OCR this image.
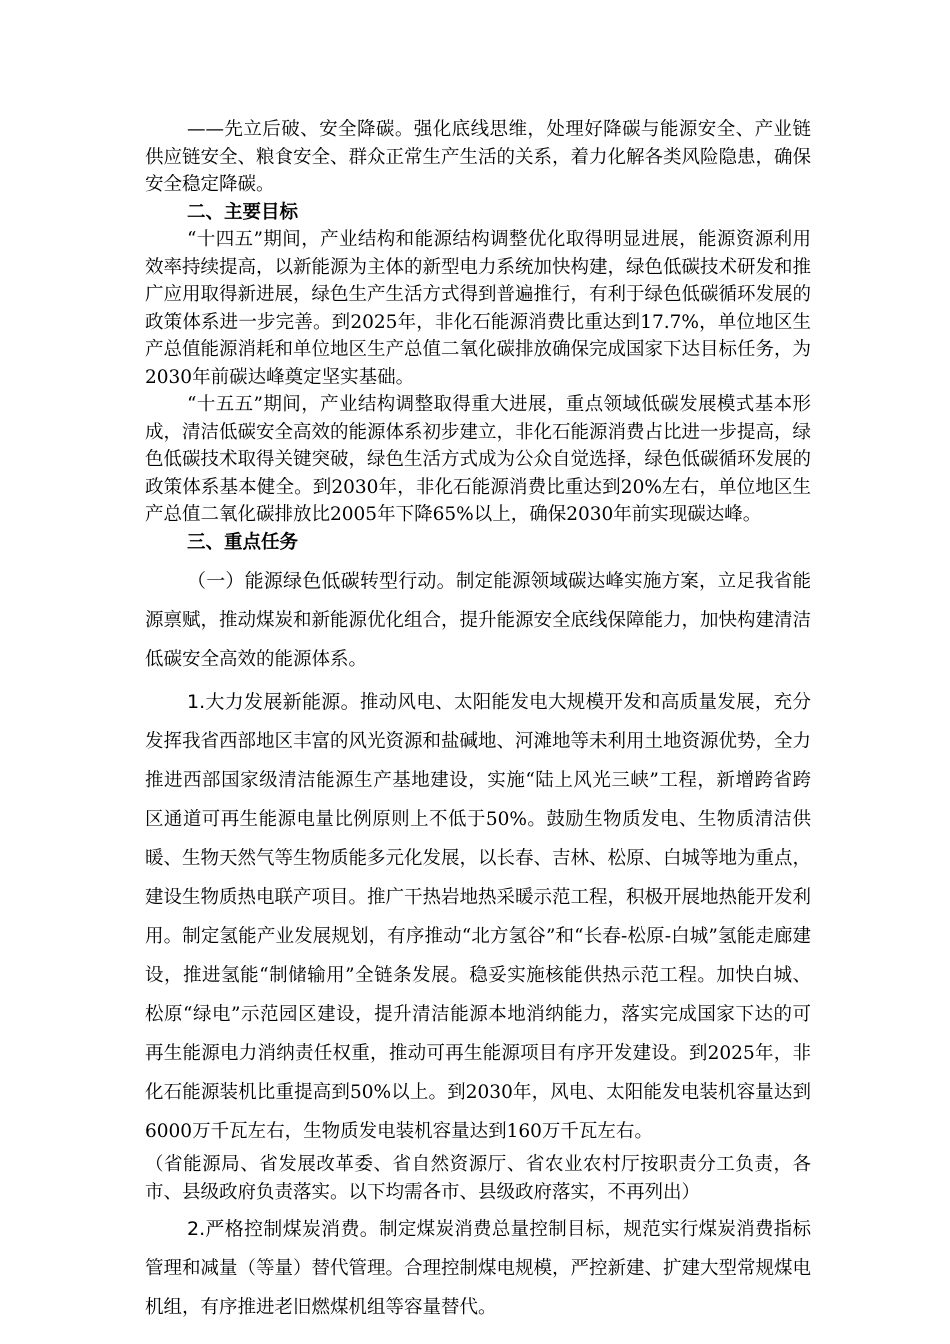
——先立后破、安全降碳。强化底线思维，处理好降碳与能源安全、产业链供应链安全、粮食安全、群众正常生产生活的关系，着力化解各类风险隐患，确保安全稳定降碳。

二、主要目标

“十四五”期间，产业结构和能源结构调整优化取得明显进展，能源资源利用效率持续提高，以新能源为主体的新型电力系统加快构建，绿色低碳技术研发和推广应用取得新进展，绿色生产生活方式得到普遍推行，有利于绿色低碳循环发展的政策体系进一步完善。到2025年，非化石能源消费比重达到17.7%，单位地区生产总值能源消耗和单位地区生产总值二氧化碳排放确保完成国家下达目标任务，为2030年前碳达峰奠定坚实基础。

“十五五”期间，产业结构调整取得重大进展，重点领域低碳发展模式基本形成，清洁低碳安全高效的能源体系初步建立，非化石能源消费占比进一步提高，绿色低碳技术取得关键突破，绿色生活方式成为公众自觉选择，绿色低碳循环发展的政策体系基本健全。到2030年，非化石能源消费比重达到20%左右，单位地区生产总值二氧化碳排放比2005年下降65%以上，确保2030年前实现碳达峰。

三、重点任务

（一）能源绿色低碳转型行动。制定能源领域碳达峰实施方案，立足我省能源禀赋，推动煤炭和新能源优化组合，提升能源安全底线保障能力，加快构建清洁低碳安全高效的能源体系。

1.大力发展新能源。推动风电、太阳能发电大规模开发和高质量发展，充分发挥我省西部地区丰富的风光资源和盐碱地、河滩地等未利用土地资源优势，全力推进西部国家级清洁能源生产基地建设，实施“陆上风光三峡”工程，新增跨省跨区通道可再生能源电量比例原则上不低于50%。鼓励生物质发电、生物质清洁供暖、生物天然气等生物质能多元化发展，以长春、吉林、松原、白城等地为重点，建设生物质热电联产项目。推广干热岩地热采暖示范工程，积极开展地热能开发利用。制定氢能产业发展规划，有序推动“北方氢谷”和“长春-松原-白城”氢能走廊建设，推进氢能“制储输用”全链条发展。稳妥实施核能供热示范工程。加快白城、松原“绿电”示范园区建设，提升清洁能源本地消纳能力，落实完成国家下达的可再生能源电力消纳责任权重，推动可再生能源项目有序开发建设。到2025年，非化石能源装机比重提高到50%以上。到2030年，风电、太阳能发电装机容量达到6000万千瓦左右，生物质发电装机容量达到160万千瓦左右。

（省能源局、省发展改革委、省自然资源厅、省农业农村厅按职责分工负责，各市、县级政府负责落实。以下均需各市、县级政府落实，不再列出）

2.严格控制煤炭消费。制定煤炭消费总量控制目标，规范实行煤炭消费指标管理和减量（等量）替代管理。合理控制煤电规模，严控新建、扩建大型常规煤电机组，有序推进老旧燃煤机组等容量替代。
